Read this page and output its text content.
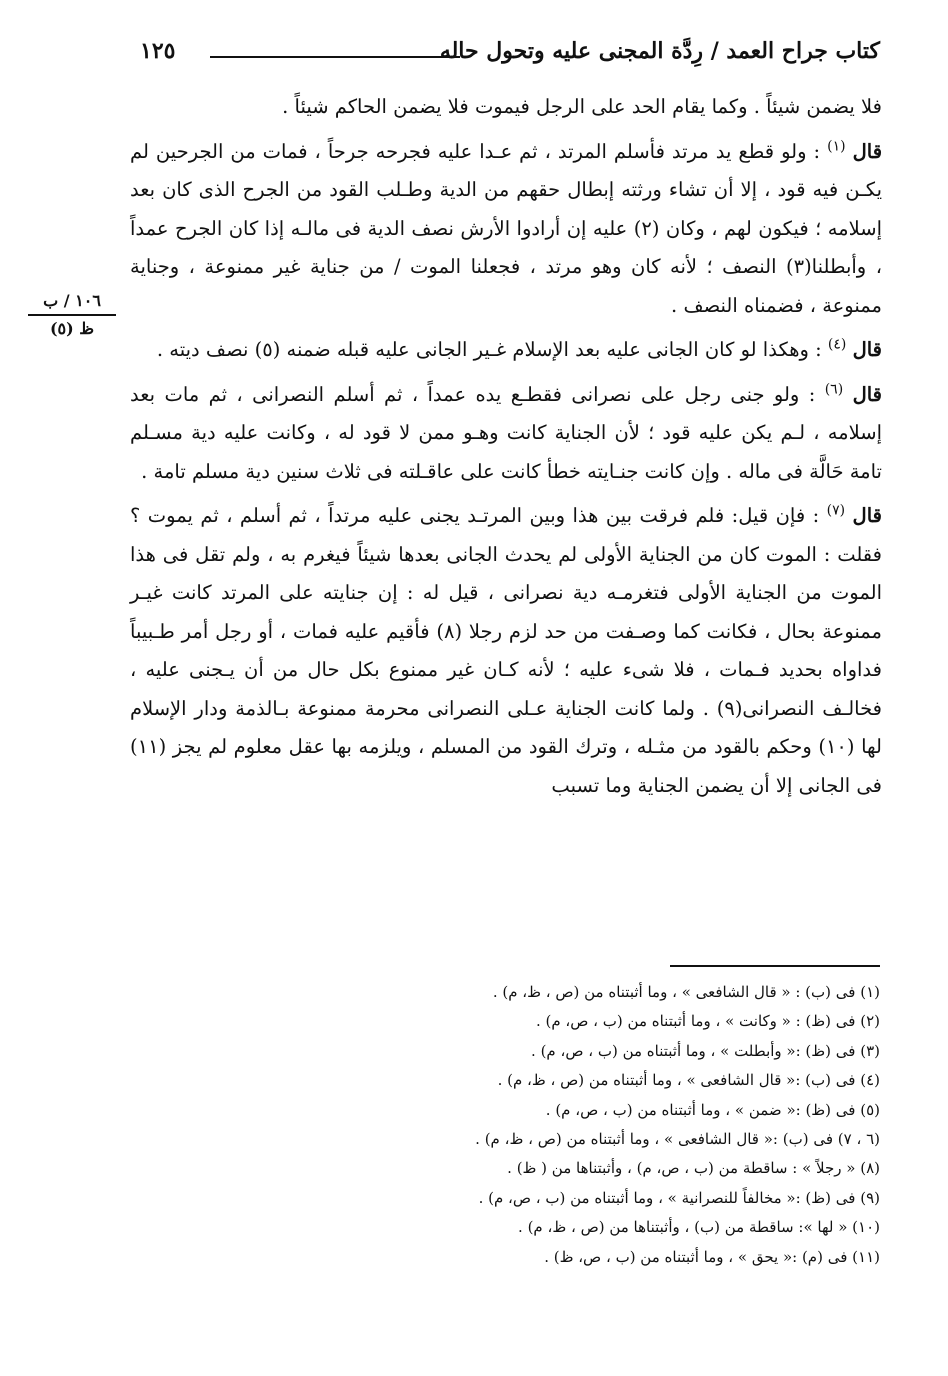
كتاب جراح العمد / رِدَّة المجنى عليه وتحول حاله
١٢٥
١٠٦ / ب
ظ (٥)

فلا يضمن شيئاً . وكما يقام الحد على الرجل فيموت فلا يضمن الحاكم شيئاً .

قال $^{(١)}$ : ولو قطع يد مرتد فأسلم المرتد ، ثم عـدا عليه فجرحه جرحاً ، فمات من الجرحين لم يكـن فيه قود ، إلا أن تشاء ورثته إبطال حقهم من الدية وطـلب القود من الجرح الذى كان بعد إسلامه ؛ فيكون لهم ، وكان (٢) عليه إن أرادوا الأرش نصف الدية فى مالـه إذا كان الجرح عمداً ، وأبطلنا(٣) النصف ؛ لأنه كان وهو مرتد ، فجعلنا الموت / من جناية غير ممنوعة ، وجناية ممنوعة ، فضمناه النصف .

قال $^{(٤)}$ : وهكذا لو كان الجانى عليه بعد الإسلام غـير الجانى عليه قبله ضمنه (٥) نصف ديته .

قال $^{(٦)}$ : ولو جنى رجل على نصرانى فقطـع يده عمداً ، ثم أسلم النصرانى ، ثم مات بعد إسلامه ، لـم يكن عليه قود ؛ لأن الجناية كانت وهـو ممن لا قود له ، وكانت عليه دية مسـلم تامة حَالَّة فى ماله . وإن كانت جنـايته خطأ كانت على عاقـلته فى ثلاث سنين دية مسلم تامة .

قال $^{(٧)}$ : فإن قيل: فلم فرقت بين هذا وبين المرتـد يجنى عليه مرتداً ، ثم أسلم ، ثم يموت ؟ فقلت : الموت كان من الجناية الأولى لم يحدث الجانى بعدها شيئاً فيغرم به ، ولم تقل فى هذا الموت من الجناية الأولى فتغرمـه دية نصرانى ، قيل له : إن جنايته على المرتد كانت غيـر ممنوعة بحال ، فكانت كما وصـفت من حد لزم رجلا (٨) فأقيم عليه فمات ، أو رجل أمر طـبيباً فداواه بحديد فـمات ، فلا شىء عليه ؛ لأنه كـان غير ممنوع بكل حال من أن يـجنى عليه ، فخالـف النصرانى(٩) . ولما كانت الجناية عـلى النصرانى محرمة ممنوعة بـالذمة ودار الإسلام لها (١٠) وحكم بالقود من مثـله ، وترك القود من المسلم ، ويلزمه بها عقل معلوم لم يجز (١١) فى الجانى إلا أن يضمن الجناية وما تسبب

(١) فى (ب) : « قال الشافعى » ، وما أثبتناه من (ص ، ظ، م) .
(٢) فى (ظ) : « وكانت » ، وما أثبتناه من (ب ، ص، م) .
(٣) فى (ظ) :« وأبطلت » ، وما أثبتناه من (ب ، ص، م) .
(٤) فى (ب) :« قال الشافعى » ، وما أثبتناه من (ص ، ظ، م) .
(٥) فى (ظ) :« ضمن » ، وما أثبتناه من (ب ، ص، م) .
(٦ ، ٧) فى (ب) :« قال الشافعى » ، وما أثبتناه من (ص ، ظ، م) .
(٨) « رجلاً » : ساقطة من (ب ، ص، م) ، وأثبتناها من ( ظ) .
(٩) فى (ظ) :« مخالفاً للنصرانية » ، وما أثبتناه من (ب ، ص، م) .
(١٠) « لها »: ساقطة من (ب) ، وأثبتناها من (ص ، ظ، م) .
(١١) فى (م) :« يحق » ، وما أثبتناه من (ب ، ص، ظ) .
